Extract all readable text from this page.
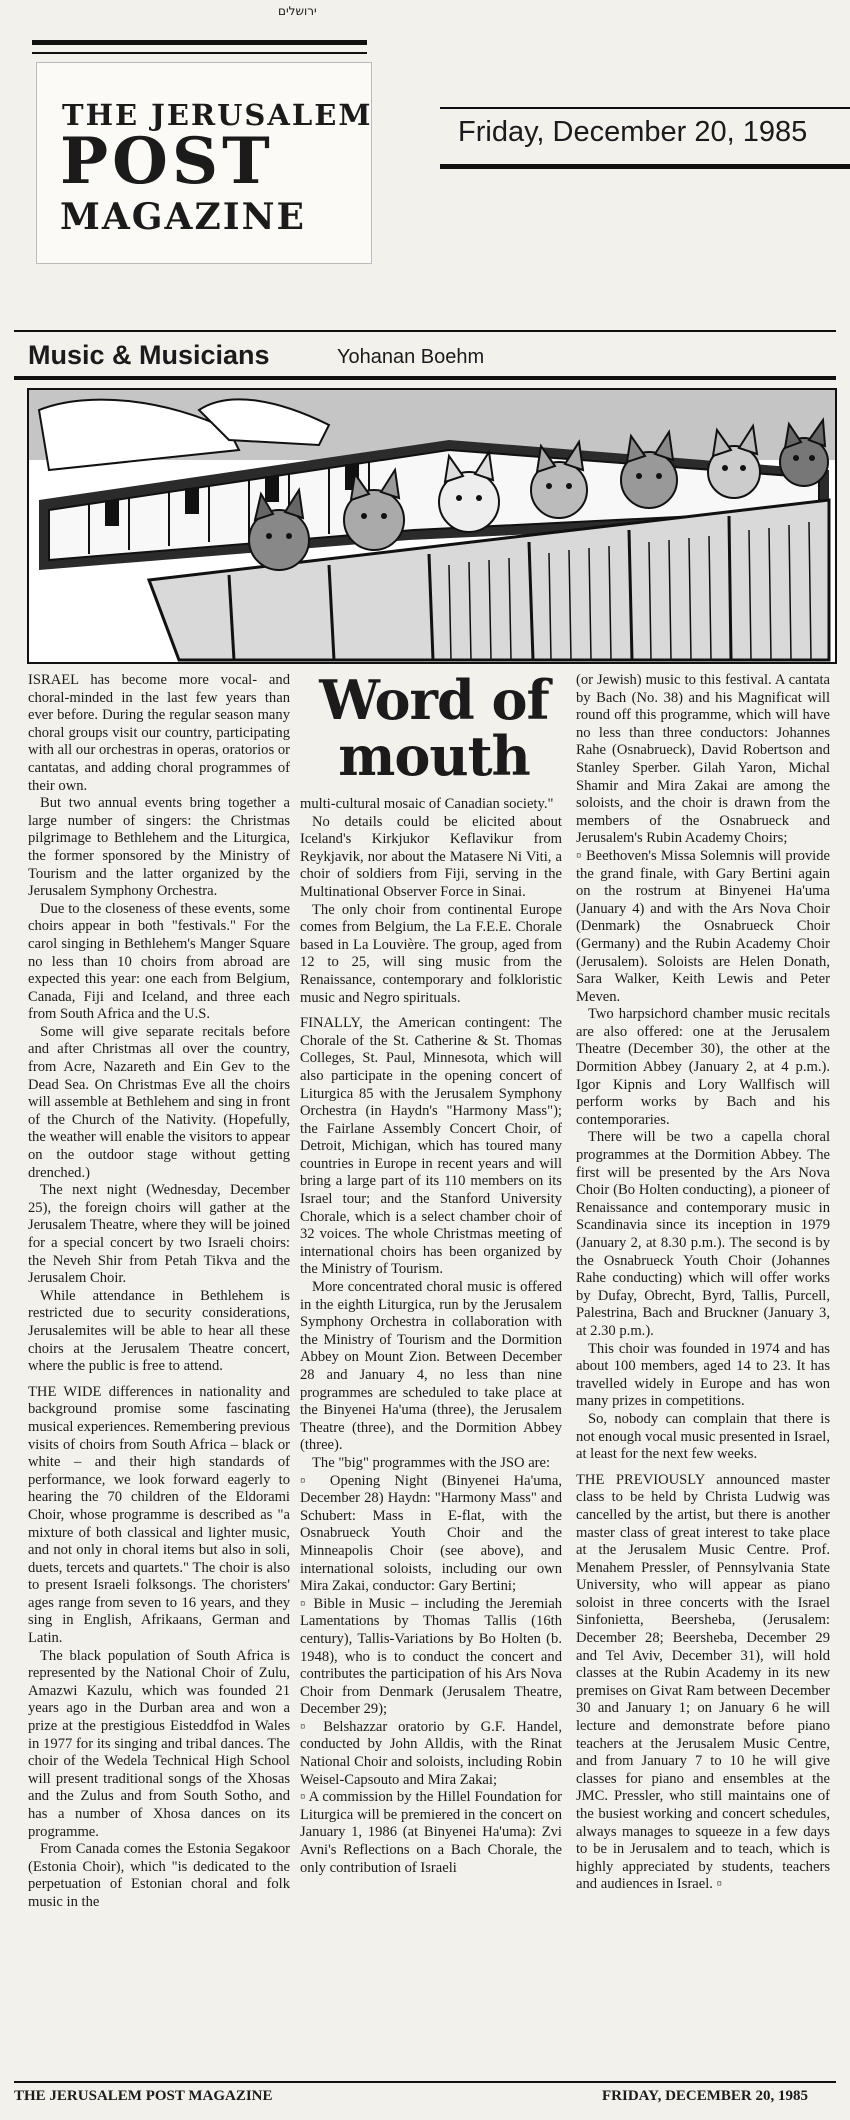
ירושלים
THE JERUSALEM
POST
MAGAZINE
Friday, December 20, 1985
Music & Musicians	Yohanan Boehm
Word of mouth

ISRAEL has become more vocal- and choral-minded in the last few years than ever before. During the regular season many choral groups visit our country, participating with all our orchestras in operas, oratorios or cantatas, and adding choral programmes of their own.

But two annual events bring together a large number of singers: the Christmas pilgrimage to Bethlehem and the Liturgica, the former sponsored by the Ministry of Tourism and the latter organized by the Jerusalem Symphony Orchestra.

Due to the closeness of these events, some choirs appear in both "festivals." For the carol singing in Bethlehem's Manger Square no less than 10 choirs from abroad are expected this year: one each from Belgium, Canada, Fiji and Iceland, and three each from South Africa and the U.S.

Some will give separate recitals before and after Christmas all over the country, from Acre, Nazareth and Ein Gev to the Dead Sea. On Christmas Eve all the choirs will assemble at Bethlehem and sing in front of the Church of the Nativity. (Hopefully, the weather will enable the visitors to appear on the outdoor stage without getting drenched.)

The next night (Wednesday, December 25), the foreign choirs will gather at the Jerusalem Theatre, where they will be joined for a special concert by two Israeli choirs: the Neveh Shir from Petah Tikva and the Jerusalem Choir.

While attendance in Bethlehem is restricted due to security considerations, Jerusalemites will be able to hear all these choirs at the Jerusalem Theatre concert, where the public is free to attend.

THE WIDE differences in nationality and background promise some fascinating musical experiences. Remembering previous visits of choirs from South Africa – black or white – and their high standards of performance, we look forward eagerly to hearing the 70 children of the Eldorami Choir, whose programme is described as "a mixture of both classical and lighter music, and not only in choral items but also in soli, duets, tercets and quartets." The choir is also to present Israeli folksongs. The choristers' ages range from seven to 16 years, and they sing in English, Afrikaans, German and Latin.

The black population of South Africa is represented by the National Choir of Zulu, Amazwi Kazulu, which was founded 21 years ago in the Durban area and won a prize at the prestigious Eisteddfod in Wales in 1977 for its singing and tribal dances. The choir of the Wedela Technical High School will present traditional songs of the Xhosas and the Zulus and from South Sotho, and has a number of Xhosa dances on its programme.

From Canada comes the Estonia Segakoor (Estonia Choir), which "is dedicated to the perpetuation of Estonian choral and folk music in the

multi-cultural mosaic of Canadian society."

No details could be elicited about Iceland's Kirkjukor Keflavikur from Reykjavik, nor about the Matasere Ni Viti, a choir of soldiers from Fiji, serving in the Multinational Observer Force in Sinai.

The only choir from continental Europe comes from Belgium, the La F.E.E. Chorale based in La Louvière. The group, aged from 12 to 25, will sing music from the Renaissance, contemporary and folkloristic music and Negro spirituals.

FINALLY, the American contingent: The Chorale of the St. Catherine & St. Thomas Colleges, St. Paul, Minnesota, which will also participate in the opening concert of Liturgica 85 with the Jerusalem Symphony Orchestra (in Haydn's "Harmony Mass"); the Fairlane Assembly Concert Choir, of Detroit, Michigan, which has toured many countries in Europe in recent years and will bring a large part of its 110 members on its Israel tour; and the Stanford University Chorale, which is a select chamber choir of 32 voices. The whole Christmas meeting of international choirs has been organized by the Ministry of Tourism.

More concentrated choral music is offered in the eighth Liturgica, run by the Jerusalem Symphony Orchestra in collaboration with the Ministry of Tourism and the Dormition Abbey on Mount Zion. Between December 28 and January 4, no less than nine programmes are scheduled to take place at the Binyenei Ha'uma (three), the Jerusalem Theatre (three), and the Dormition Abbey (three).

The "big" programmes with the JSO are:

▫ Opening Night (Binyenei Ha'uma, December 28) Haydn: "Harmony Mass" and Schubert: Mass in E-flat, with the Osnabrueck Youth Choir and the Minneapolis Choir (see above), and international soloists, including our own Mira Zakai, conductor: Gary Bertini;

▫ Bible in Music – including the Jeremiah Lamentations by Thomas Tallis (16th century), Tallis-Variations by Bo Holten (b. 1948), who is to conduct the concert and contributes the participation of his Ars Nova Choir from Denmark (Jerusalem Theatre, December 29);

▫ Belshazzar oratorio by G.F. Handel, conducted by John Alldis, with the Rinat National Choir and soloists, including Robin Weisel-Capsouto and Mira Zakai;

▫ A commission by the Hillel Foundation for Liturgica will be premiered in the concert on January 1, 1986 (at Binyenei Ha'uma): Zvi Avni's Reflections on a Bach Chorale, the only contribution of Israeli

(or Jewish) music to this festival. A cantata by Bach (No. 38) and his Magnificat will round off this programme, which will have no less than three conductors: Johannes Rahe (Osnabrueck), David Robertson and Stanley Sperber. Gilah Yaron, Michal Shamir and Mira Zakai are among the soloists, and the choir is drawn from the members of the Osnabrueck and Jerusalem's Rubin Academy Choirs;

▫ Beethoven's Missa Solemnis will provide the grand finale, with Gary Bertini again on the rostrum at Binyenei Ha'uma (January 4) and with the Ars Nova Choir (Denmark) the Osnabrueck Choir (Germany) and the Rubin Academy Choir (Jerusalem). Soloists are Helen Donath, Sara Walker, Keith Lewis and Peter Meven.

Two harpsichord chamber music recitals are also offered: one at the Jerusalem Theatre (December 30), the other at the Dormition Abbey (January 2, at 4 p.m.). Igor Kipnis and Lory Wallfisch will perform works by Bach and his contemporaries.

There will be two a capella choral programmes at the Dormition Abbey. The first will be presented by the Ars Nova Choir (Bo Holten conducting), a pioneer of Renaissance and contemporary music in Scandinavia since its inception in 1979 (January 2, at 8.30 p.m.). The second is by the Osnabrueck Youth Choir (Johannes Rahe conducting) which will offer works by Dufay, Obrecht, Byrd, Tallis, Purcell, Palestrina, Bach and Bruckner (January 3, at 2.30 p.m.).

This choir was founded in 1974 and has about 100 members, aged 14 to 23. It has travelled widely in Europe and has won many prizes in competitions.

So, nobody can complain that there is not enough vocal music presented in Israel, at least for the next few weeks.

THE PREVIOUSLY announced master class to be held by Christa Ludwig was cancelled by the artist, but there is another master class of great interest to take place at the Jerusalem Music Centre. Prof. Menahem Pressler, of Pennsylvania State University, who will appear as piano soloist in three concerts with the Israel Sinfonietta, Beersheba, (Jerusalem: December 28; Beersheba, December 29 and Tel Aviv, December 31), will hold classes at the Rubin Academy in its new premises on Givat Ram between December 30 and January 1; on January 6 he will lecture and demonstrate before piano teachers at the Jerusalem Music Centre, and from January 7 to 10 he will give classes for piano and ensembles at the JMC. Pressler, who still maintains one of the busiest working and concert schedules, always manages to squeeze in a few days to be in Jerusalem and to teach, which is highly appreciated by students, teachers and audiences in Israel. ▫

THE JERUSALEM POST MAGAZINE	FRIDAY, DECEMBER 20, 1985
